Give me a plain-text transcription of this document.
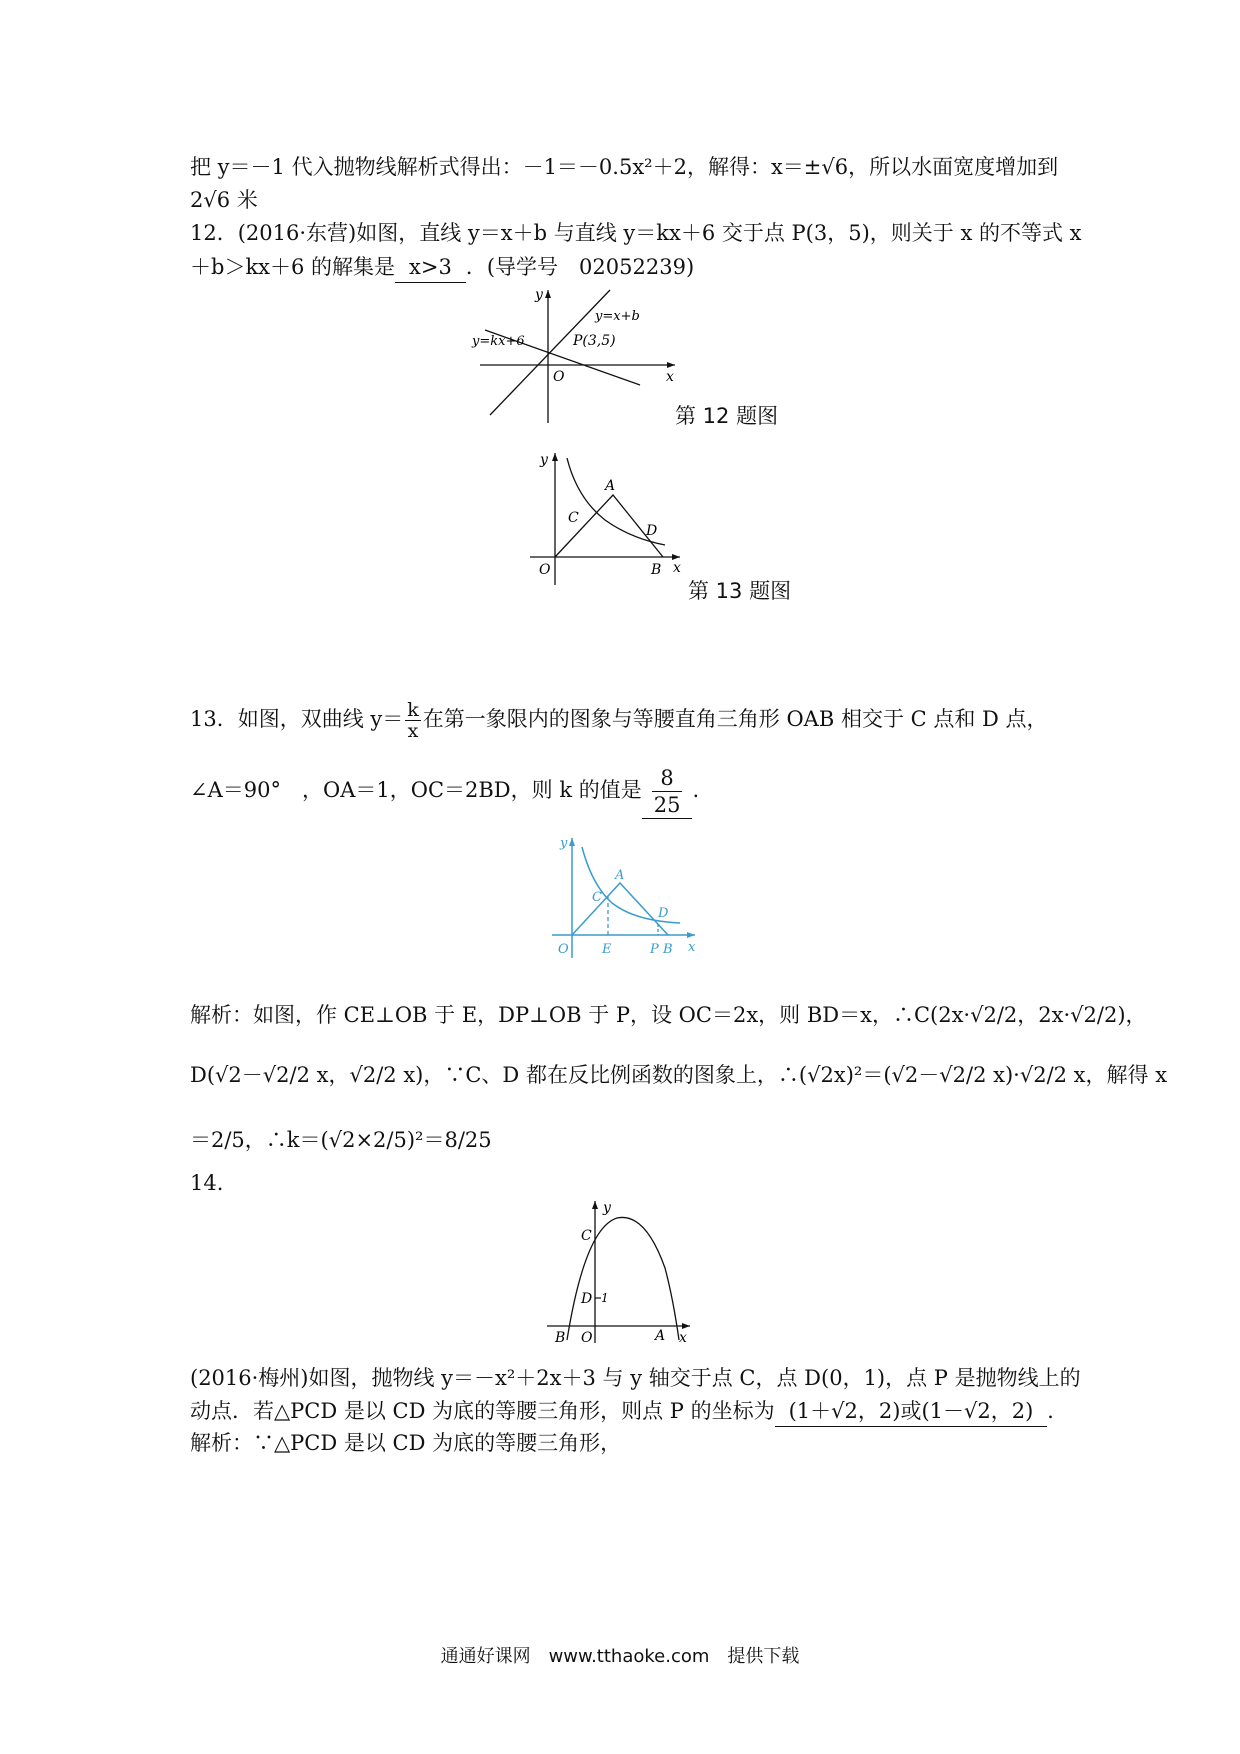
把 y＝－1 代入抛物线解析式得出：－1＝－0.5x²＋2，解得：x＝±√6，所以水面宽度增加到
2√6 米
12．(2016·东营)如图，直线 y＝x＋b 与直线 y＝kx＋6 交于点 P(3，5)，则关于 x 的不等式 x
＋b＞kx＋6 的解集是 x>3 ．(导学号　02052239)
y
x
O
y=x+b
y=kx+6	P(3,5)
第 12 题图
y
x
O
A
B
C
D
第 13 题图
13．如图，双曲线 $y= \frac{k}{x}$ 在第一象限内的图象与等腰直角三角形 OAB 相交于 C 点和 D 点，
∠A＝90°　，OA＝1，OC＝2BD，则 k 的值是 $\frac{8}{25}$ .
y
x
O
A
C
D
E	P B
解析：如图，作 CE⊥OB 于 E，DP⊥OB 于 P，设 OC＝2x，则 BD＝x，∴C(2x·√2/2，2x·√2/2)，
D(√2－√2/2 x，√2/2 x)，∵C、D 都在反比例函数的图象上，∴(√2x)²＝(√2－√2/2 x)·√2/2 x，解得 x
＝2/5，∴k＝(√2×2/5)²＝8/25
14.
y
x
O
B	A
C
D 1
(2016·梅州)如图，抛物线 y＝－x²＋2x＋3 与 y 轴交于点 C，点 D(0，1)，点 P 是抛物线上的
动点．若△PCD 是以 CD 为底的等腰三角形，则点 P 的坐标为 (1＋√2，2)或(1－√2，2) ．
解析：∵△PCD 是以 CD 为底的等腰三角形，
通通好课网　www.tthaoke.com　提供下载
